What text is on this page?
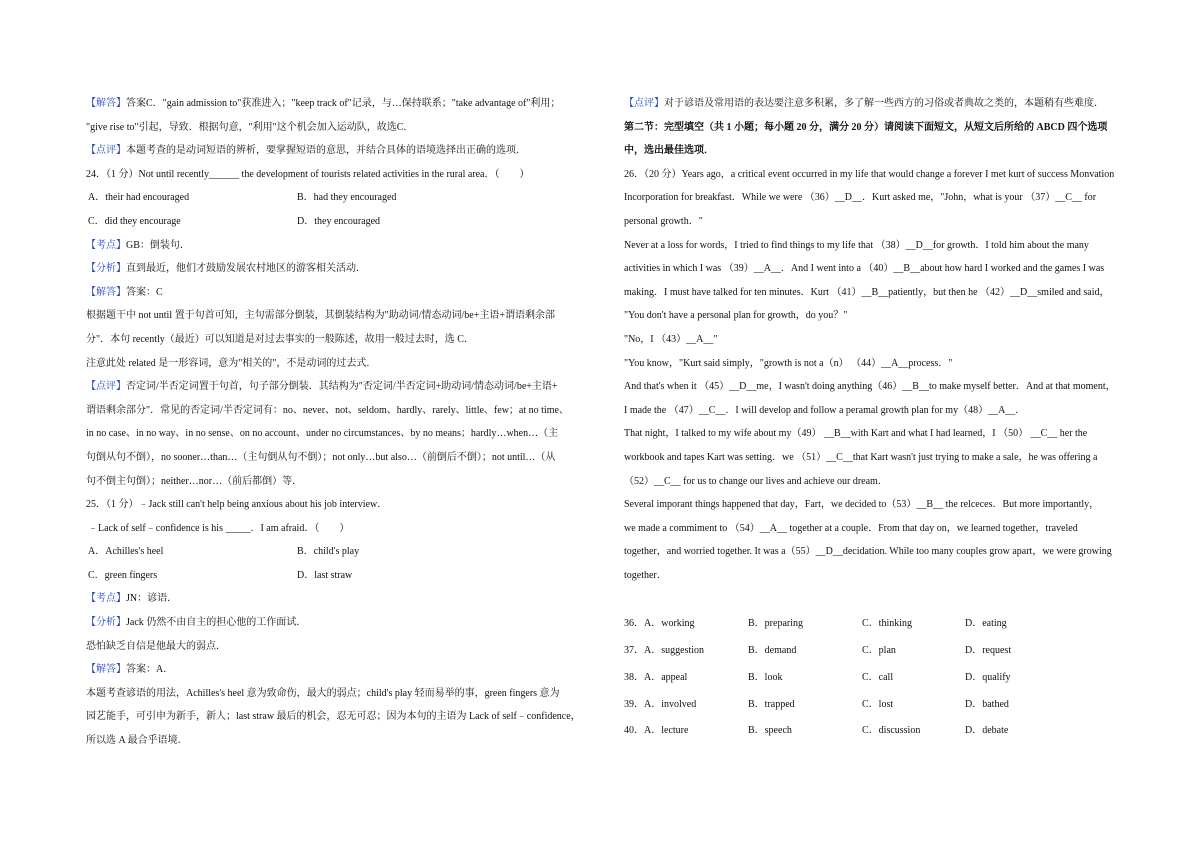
【解答】答案C．"gain admission to"获准进入；"keep track of"记录，与…保持联系；"take advantage of"利用；
"give rise to"引起，导致．根据句意，"利用"这个机会加入运动队，故选C．
【点评】本题考查的是动词短语的辨析，要掌握短语的意思，并结合具体的语境选择出正确的选项．
24．（1 分）Not until recently______ the development of tourists related activities in the rural area．（　　）
A．their had encouraged	B．had they encouraged
C．did they encourage	D．they encouraged
【考点】GB：倒装句．
【分析】直到最近，他们才鼓励发展农村地区的游客相关活动．
【解答】答案：C
根据题干中 not until 置于句首可知，主句需部分倒装，其倒装结构为"助动词/情态动词/be+主语+谓语剩余部
分"．本句 recently（最近）可以知道是对过去事实的一般陈述，故用一般过去时，选 C．
注意此处 related 是一形容词，意为"相关的"，不是动词的过去式．
【点评】否定词/半否定词置于句首，句子部分倒装．其结构为"否定词/半否定词+助动词/情态动词/be+主语+
谓语剩余部分"．常见的否定词/半否定词有：no、never、not、seldom、hardly、rarely、little、few；at no time、
in no case、in no way、in no sense、on no account、under no circumstances、by no means；hardly…when…（主
句倒从句不倒），no sooner…than…（主句倒从句不倒）；not only…but also…（前倒后不倒）；not until…（从
句不倒主句倒）；neither…nor…（前后都倒）等．
25．（1 分）﹣Jack still can't help being anxious about his job interview．
﹣Lack of self﹣confidence is his _____．I am afraid．（　　）
A．Achilles's heel	B．child's play
C．green fingers	D．last straw
【考点】JN：谚语．
【分析】Jack 仍然不由自主的担心他的工作面试．
恐怕缺乏自信是他最大的弱点．
【解答】答案：A．
本题考查谚语的用法，Achilles's heel 意为致命伤，最大的弱点；child's play 轻而易举的事，green fingers 意为
园艺能手，可引申为新手，新人；last straw 最后的机会，忍无可忍；因为本句的主语为 Lack of self﹣confidence，
所以选 A 最合乎语境．
【点评】对于谚语及常用语的表达要注意多积累，多了解一些西方的习俗或者典故之类的，本题稍有些难度．
第二节：完型填空（共 1 小题；每小题 20 分，满分 20 分）请阅读下面短文，从短文后所给的 ABCD 四个选项
中，选出最佳选项．
26．（20 分）Years ago，a critical event occurred in my life that would change a forever I met kurt of success Monvation
Incorporation for breakfast．While we were （36）__D__．Kurt asked me，"John，what is your （37）__C__ for
personal growth．"
Never at a loss for words，I tried to find things to my life that （38）__D__for growth．I told him about the many
activities in which I was （39）__A__．And I went into a （40）__B__about how hard I worked and the games I was
making．I must have talked for ten minutes．Kurt （41）__B__patiently，but then he （42）__D__smiled and said，
"You don't have a personal plan for growth，do you？"
"No，I （43）__A__"
"You know，"Kurt said simply，"growth is not a（n） （44）__A__process．"
And that's when it （45）__D__me，I wasn't doing anything（46）__B__to make myself better．And at that moment，
I made the （47）__C__．I will develop and follow a peramal growth plan for my（48）__A__．
That night，I talked to my wife about my（49） __B__with Kart and what I had learned，I （50） __C__ her the
workbook and tapes Kart was setting．we （51）__C__that Kart wasn't just trying to make a sale，he was offering a
（52）__C__ for us to change our lives and achieve our dream．
Several imporant things happened that day，Fart，we decided to（53）__B__ the relceces．But more importantly，
we made a commiment to （54）__A__ together at a couple．From that day on，we learned together，traveled
together，and worried together. It was a（55）__D__decidation. While too many couples grow apart，we were growing
together．
36．A．working	B．preparing	C．thinking	D．eating
37．A．suggestion	B．demand	C．plan	D．request
38．A．appeal	B．look	C．call	D．qualify
39．A．involved	B．trapped	C．lost	D．bathed
40．A．lecture	B．speech	C．discussion	D．debate
